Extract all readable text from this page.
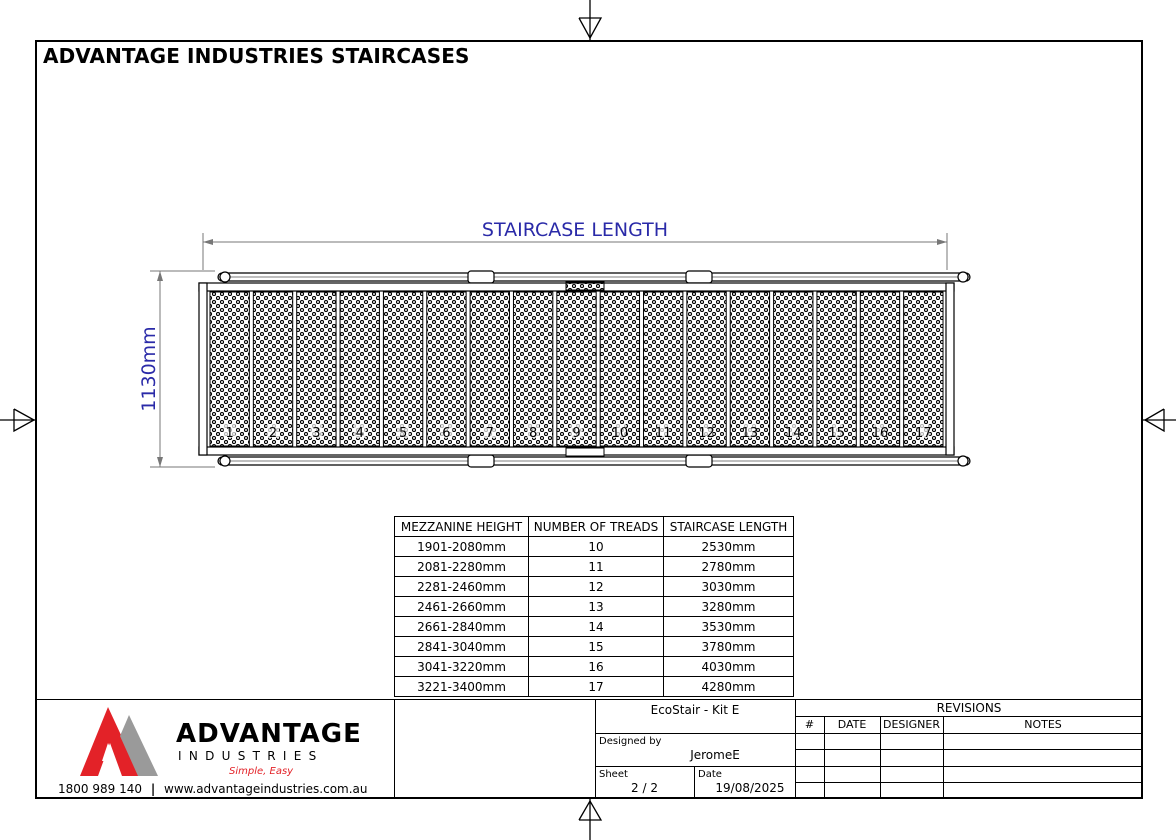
ADVANTAGE INDUSTRIES STAIRCASES
STAIRCASE LENGTH
1130mm
1	2	3	4	5	6	7	8	9 10 11 12 13 14 15 16 17
MEZZANINE HEIGHT	NUMBER OF TREADS	STAIRCASE LENGTH
1901-2080mm	10	2530mm
2081-2280mm	11	2780mm
2281-2460mm	12	3030mm
2461-2660mm	13	3280mm
2661-2840mm	14	3530mm
2841-3040mm	15	3780mm
3041-3220mm	16	4030mm
3221-3400mm	17	4280mm
EcoStair - Kit E
Designed by
JeromeE
Sheet
2 / 2
Date
19/08/2025
REVISIONS
#	DATE	DESIGNER	NOTES
ADVANTAGE
INDUSTRIES
Simple, Easy
1800 989 140 | www.advantageindustries.com.au
